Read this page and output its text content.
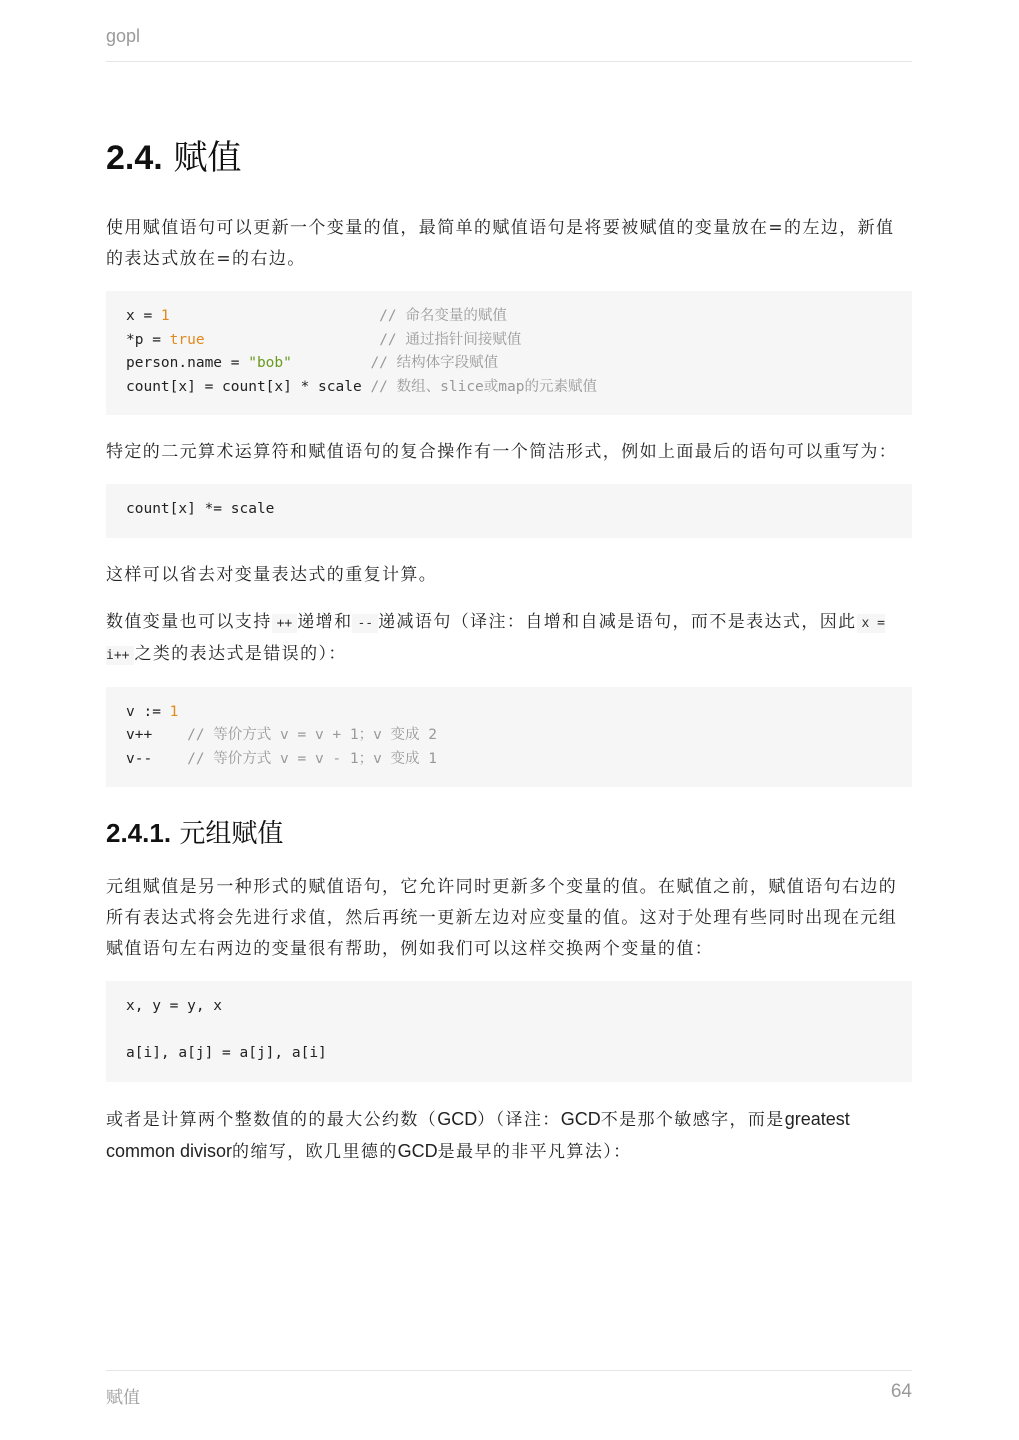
gopl
2.4. 赋值

使用赋值语句可以更新一个变量的值，最简单的赋值语句是将要被赋值的变量放在=的左边，新值的表达式放在=的右边。

x = 1	// 命名变量的赋值
*p = true	// 通过指针间接赋值
person.name = "bob"	// 结构体字段赋值
count[x] = count[x] * scale // 数组、slice或map的元素赋值

特定的二元算术运算符和赋值语句的复合操作有一个简洁形式，例如上面最后的语句可以重写为：

count[x] *= scale

这样可以省去对变量表达式的重复计算。

数值变量也可以支持 ++ 递增和 -- 递减语句（译注：自增和自减是语句，而不是表达式，因此 x = i++ 之类的表达式是错误的）：

v := 1
v++    // 等价方式 v = v + 1；v 变成 2
v--    // 等价方式 v = v - 1；v 变成 1
2.4.1. 元组赋值

元组赋值是另一种形式的赋值语句，它允许同时更新多个变量的值。在赋值之前，赋值语句右边的所有表达式将会先进行求值，然后再统一更新左边对应变量的值。这对于处理有些同时出现在元组赋值语句左右两边的变量很有帮助，例如我们可以这样交换两个变量的值：

x, y = y, x
a[i], a[j] = a[j], a[i]

或者是计算两个整数值的的最大公约数（GCD）（译注：GCD不是那个敏感字，而是greatest common divisor的缩写，欧几里德的GCD是最早的非平凡算法）：

赋值	64
